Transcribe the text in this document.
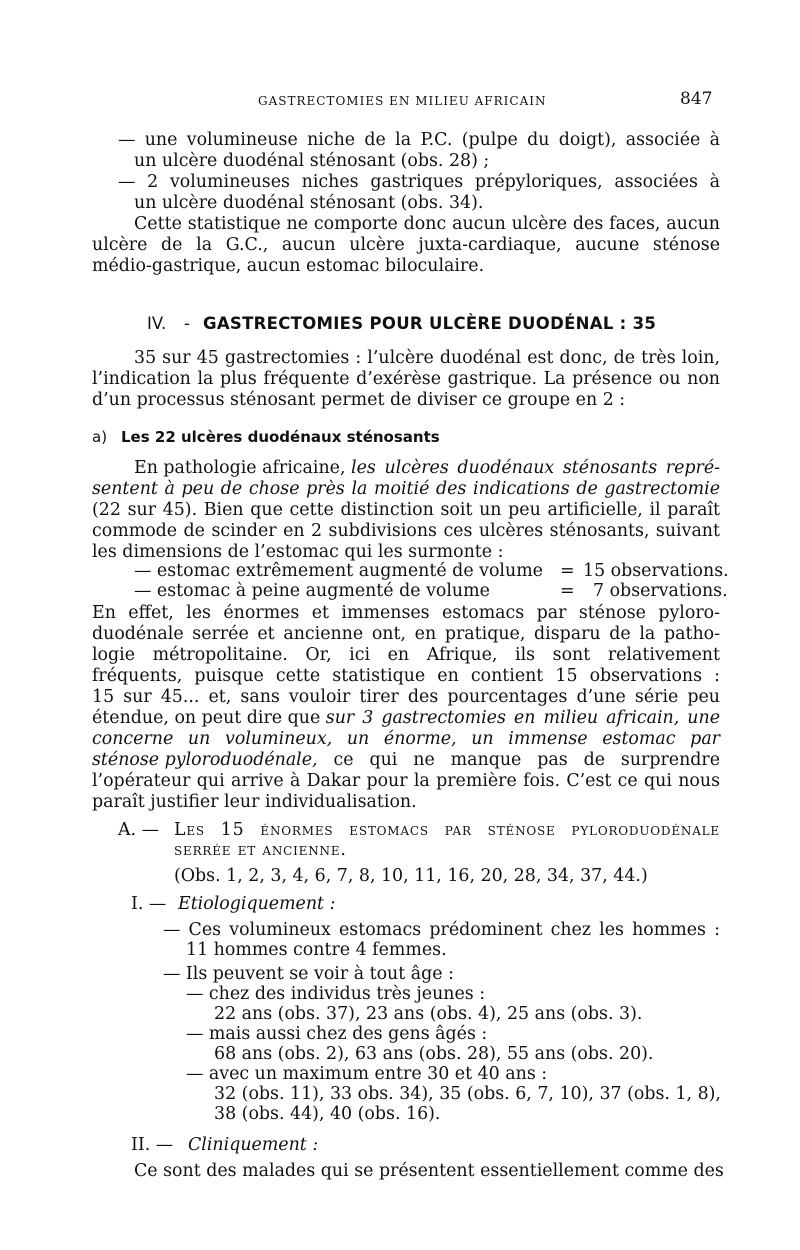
GASTRECTOMIES EN MILIEU AFRICAIN	847
— une volumineuse niche de la P.C. (pulpe du doigt), associée à
un ulcère duodénal sténosant (obs. 28) ;
— 2 volumineuses niches gastriques prépyloriques, associées à
un ulcère duodénal sténosant (obs. 34).
Cette statistique ne comporte donc aucun ulcère des faces, aucun
ulcère de la G.C., aucun ulcère juxta-cardiaque, aucune sténose
médio-gastrique, aucun estomac biloculaire.
IV. - GASTRECTOMIES POUR ULCÈRE DUODÉNAL : 35
35 sur 45 gastrectomies : l’ulcère duodénal est donc, de très loin,
l’indication la plus fréquente d’exérèse gastrique. La présence ou non
d’un processus sténosant permet de diviser ce groupe en 2 :
a) Les 22 ulcères duodénaux sténosants
En pathologie africaine, les ulcères duodénaux sténosants repré-
sentent à peu de chose près la moitié des indications de gastrectomie
(22 sur 45). Bien que cette distinction soit un peu artificielle, il paraît
commode de scinder en 2 subdivisions ces ulcères sténosants, suivant
les dimensions de l’estomac qui les surmonte :
— estomac extrêmement augmenté de volume = 15 observations.
— estomac à peine augmenté de volume	= 7 observations.
En effet, les énormes et immenses estomacs par sténose pyloro-
duodénale serrée et ancienne ont, en pratique, disparu de la patho-
logie métropolitaine. Or, ici en Afrique, ils sont relativement
fréquents, puisque cette statistique en contient 15 observations :
15 sur 45... et, sans vouloir tirer des pourcentages d’une série peu
étendue, on peut dire que sur 3 gastrectomies en milieu africain, une
concerne un volumineux, un énorme, un immense estomac par
sténose pyloroduodénale, ce qui ne manque pas de surprendre
l’opérateur qui arrive à Dakar pour la première fois. C’est ce qui nous
paraît justifier leur individualisation.
A. — Les 15 énormes estomacs par sténose pyloroduodénale
serrée et ancienne.
(Obs. 1, 2, 3, 4, 6, 7, 8, 10, 11, 16, 20, 28, 34, 37, 44.)
I. — Etiologiquement :
— Ces volumineux estomacs prédominent chez les hommes :
11 hommes contre 4 femmes.
— Ils peuvent se voir à tout âge :
— chez des individus très jeunes :
22 ans (obs. 37), 23 ans (obs. 4), 25 ans (obs. 3).
— mais aussi chez des gens âgés :
68 ans (obs. 2), 63 ans (obs. 28), 55 ans (obs. 20).
— avec un maximum entre 30 et 40 ans :
32 (obs. 11), 33 obs. 34), 35 (obs. 6, 7, 10), 37 (obs. 1, 8),
38 (obs. 44), 40 (obs. 16).
II. — Cliniquement :
Ce sont des malades qui se présentent essentiellement comme des
